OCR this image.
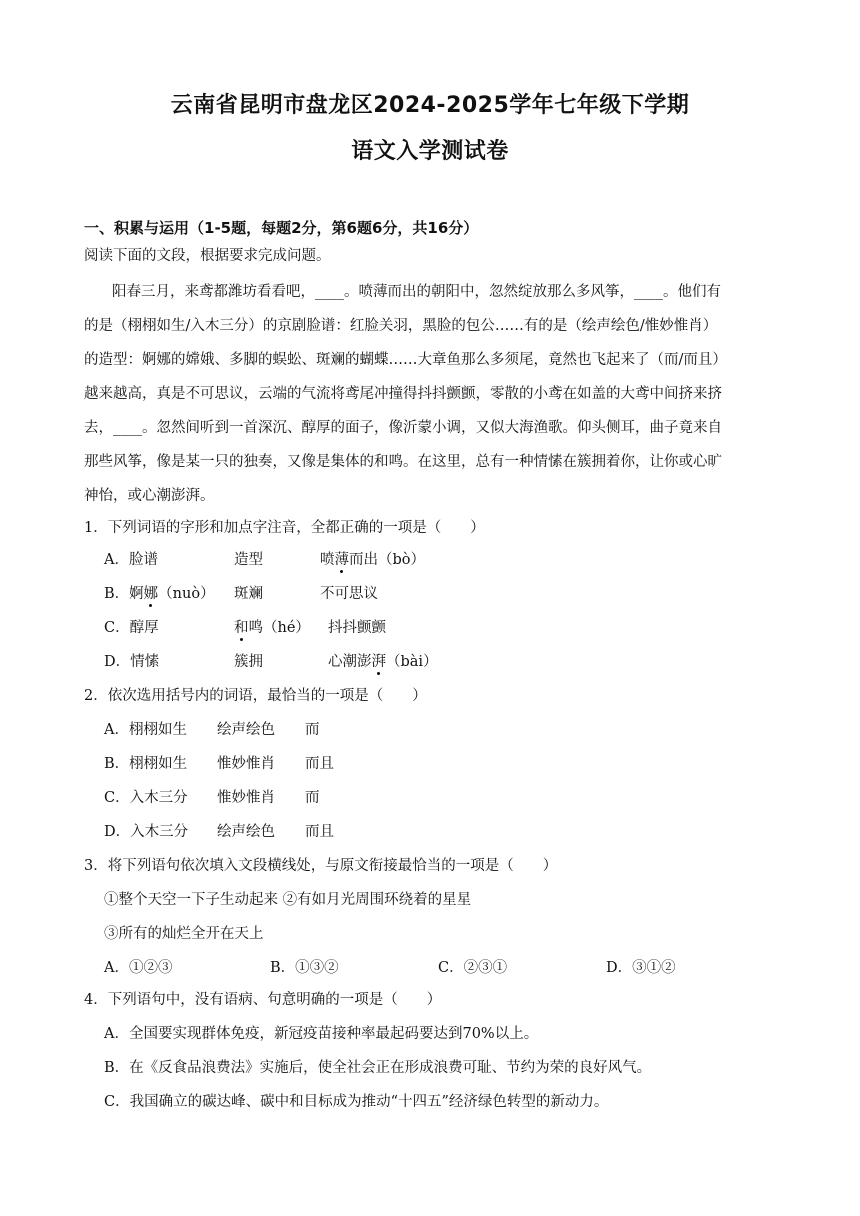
云南省昆明市盘龙区2024-2025学年七年级下学期
语文入学测试卷
一、积累与运用（1-5题，每题2分，第6题6分，共16分）
阅读下面的文段，根据要求完成问题。
阳春三月，来鸢都潍坊看看吧，____。喷薄而出的朝阳中，忽然绽放那么多风筝，____。他们有
的是（栩栩如生/入木三分）的京剧脸谱：红脸关羽，黑脸的包公……有的是（绘声绘色/惟妙惟肖）
的造型：婀娜的嫦娥、多脚的蜈蚣、斑斓的蝴蝶……大章鱼那么多须尾，竟然也飞起来了（而/而且）
越来越高，真是不可思议，云端的气流将鸢尾冲撞得抖抖颤颤，零散的小鸢在如盖的大鸢中间挤来挤
去，____。忽然间听到一首深沉、醇厚的面子，像沂蒙小调，又似大海渔歌。仰头侧耳，曲子竟来自
那些风筝，像是某一只的独奏，又像是集体的和鸣。在这里，总有一种情愫在簇拥着你，让你或心旷
神怡，或心潮澎湃。
1．下列词语的字形和加点字注音，全都正确的一项是（　　）
A．脸谱	造型	喷薄而出（bò）
B．婀娜（nuò） 斑斓	不可思议
C．醇厚	和鸣（hé） 抖抖颤颤
D．情愫	簇拥	心潮澎湃（bài）
2．依次选用括号内的词语，最恰当的一项是（　　）
A．栩栩如生 绘声绘色 而
B．栩栩如生 惟妙惟肖 而且
C．入木三分 惟妙惟肖 而
D．入木三分 绘声绘色 而且
3．将下列语句依次填入文段横线处，与原文衔接最恰当的一项是（　　）
①整个天空一下子生动起来 ②有如月光周围环绕着的星星
③所有的灿烂全开在天上
A．①②③	B．①③②	C．②③①	D．③①②
4．下列语句中，没有语病、句意明确的一项是（　　）
A．全国要实现群体免疫，新冠疫苗接种率最起码要达到70%以上。
B．在《反食品浪费法》实施后，使全社会正在形成浪费可耻、节约为荣的良好风气。
C．我国确立的碳达峰、碳中和目标成为推动“十四五”经济绿色转型的新动力。
